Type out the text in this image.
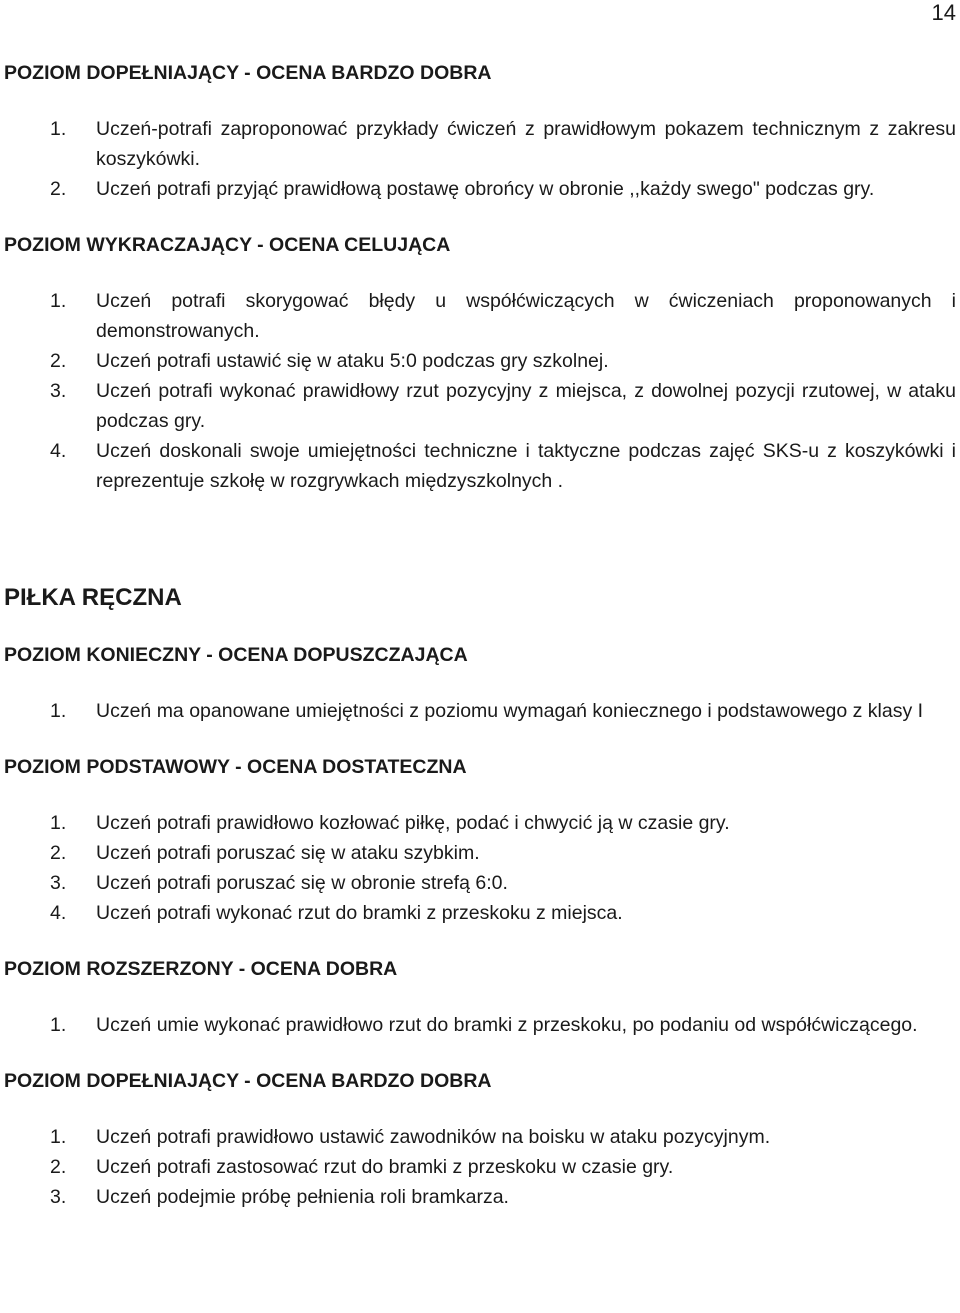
14
POZIOM DOPEŁNIAJĄCY - OCENA BARDZO DOBRA
1.	Uczeń-potrafi zaproponować przykłady ćwiczeń z prawidłowym pokazem technicznym z zakresu koszykówki.
2.	Uczeń potrafi przyjąć prawidłową postawę obrońcy w obronie ,,każdy swego" podczas gry.
POZIOM WYKRACZAJĄCY - OCENA CELUJĄCA
1.	Uczeń potrafi skorygować błędy u współćwiczących w ćwiczeniach proponowanych i demonstrowanych.
2.	Uczeń potrafi ustawić się w ataku 5:0 podczas gry szkolnej.
3.	Uczeń potrafi wykonać prawidłowy rzut pozycyjny z miejsca, z dowolnej pozycji rzutowej, w ataku podczas gry.
4.	Uczeń doskonali swoje umiejętności techniczne i taktyczne podczas zajęć SKS-u z koszykówki i reprezentuje szkołę w rozgrywkach międzyszkolnych .
PIŁKA RĘCZNA
POZIOM KONIECZNY - OCENA DOPUSZCZAJĄCA
1.	Uczeń ma opanowane umiejętności z poziomu wymagań koniecznego i podstawowego z klasy I
POZIOM PODSTAWOWY - OCENA DOSTATECZNA
1.	Uczeń potrafi prawidłowo kozłować piłkę, podać i chwycić ją w czasie gry.
2.	Uczeń potrafi poruszać się w ataku szybkim.
3.	Uczeń potrafi poruszać się w obronie strefą 6:0.
4.	Uczeń potrafi wykonać rzut do bramki z przeskoku z miejsca.
POZIOM ROZSZERZONY - OCENA DOBRA
1.	Uczeń umie wykonać prawidłowo rzut do bramki z przeskoku, po podaniu od współćwiczącego.
POZIOM DOPEŁNIAJĄCY - OCENA BARDZO DOBRA
1.	Uczeń potrafi prawidłowo ustawić zawodników na boisku w ataku pozycyjnym.
2.	Uczeń potrafi zastosować rzut do bramki z przeskoku w czasie gry.
3.	Uczeń podejmie próbę pełnienia roli bramkarza.
